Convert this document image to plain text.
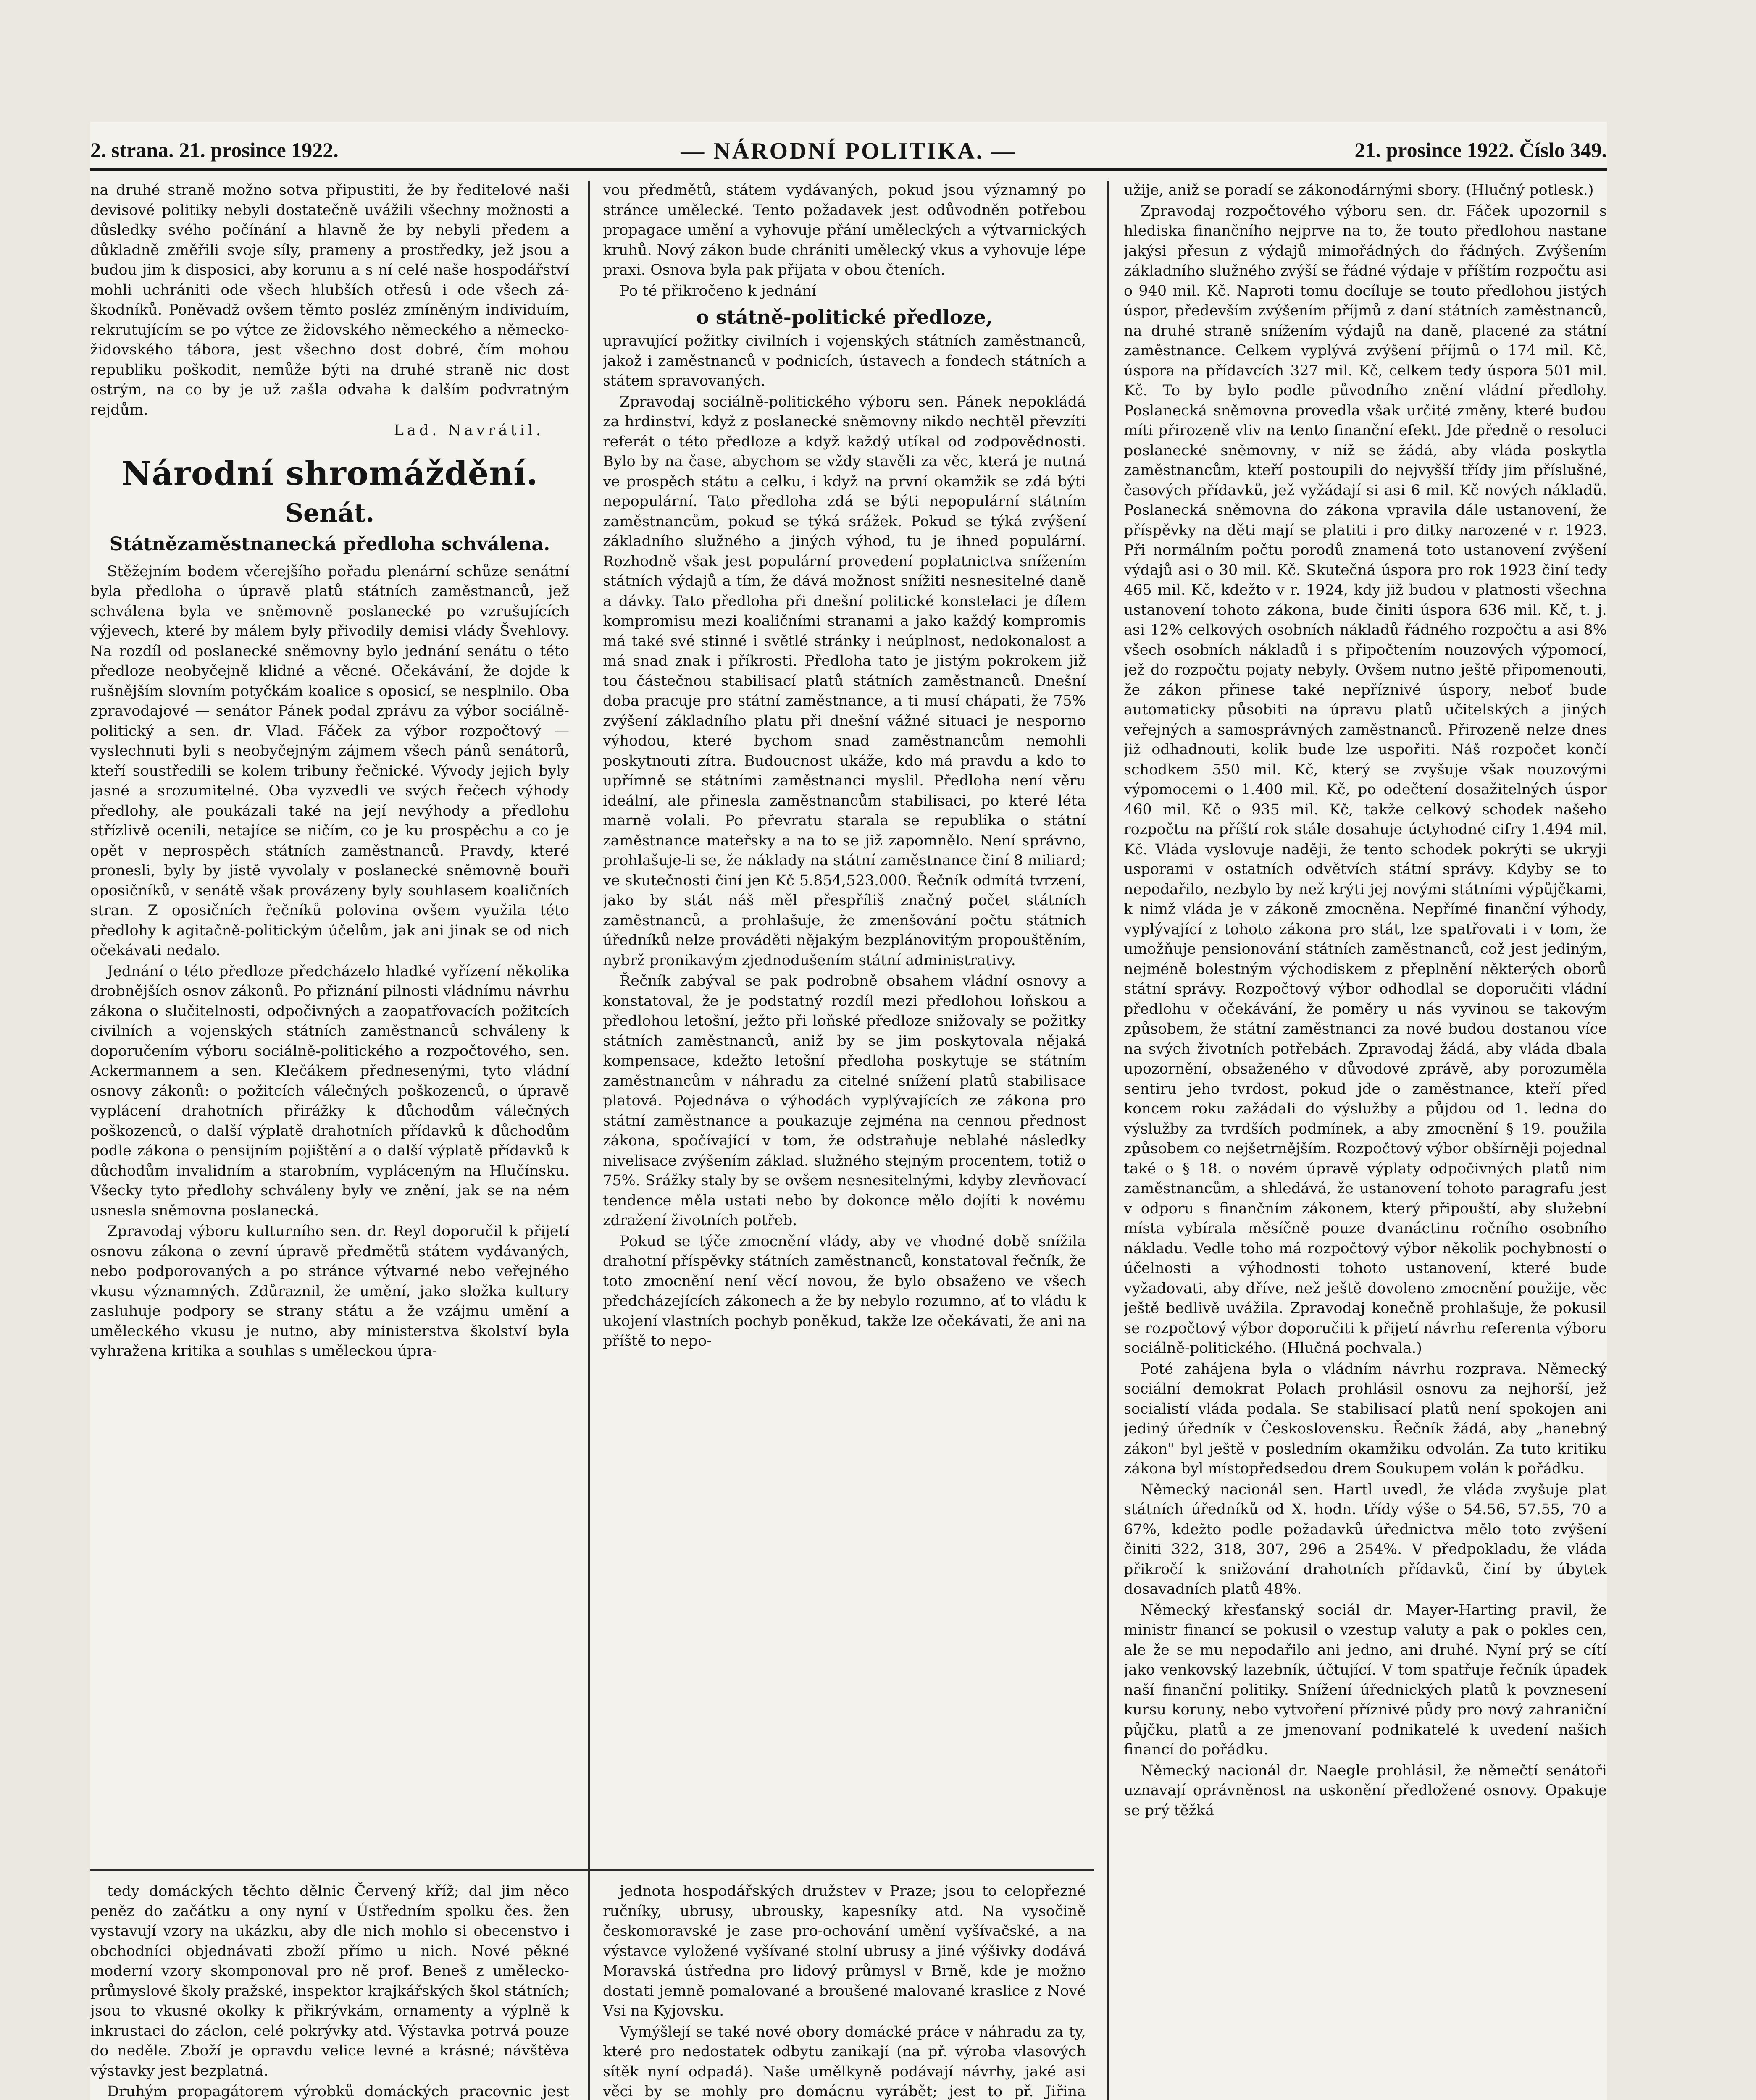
2. strana. 21. prosince 1922.	— NÁRODNÍ POLITIKA. —	21. prosince 1922. Číslo 349.

na druhé straně možno sotva připustiti, že by ředitelové naši devisové politiky nebyli dostatečně uvážili všechny možnosti a důsledky svého počínání a hlavně že by nebyli předem a důkladně změřili svoje síly, prameny a prostředky, jež jsou a budou jim k disposici, aby korunu a s ní celé naše hospodářství mohli uchrániti ode všech hlubších otřesů i ode všech zá-škodníků. Poněvadž ovšem těmto posléz zmíněným individuím, rekrutujícím se po výtce ze židovského německého a německo-židovského tábora, jest všechno dost dobré, čím mohou republiku poškodit, nemůže býti na druhé straně nic dost ostrým, na co by je už zašla odvaha k dalším podvratným rejdům.

Lad. Navrátil.
Národní shromáždění.
Senát.
Státnězaměstnanecká předloha schválena.

Stěžejním bodem včerejšího pořadu plenární schůze senátní byla předloha o úpravě platů státních zaměstnanců, jež schválena byla ve sněmovně poslanecké po vzrušujících výjevech, které by málem byly přivodily demisi vlády Švehlovy. Na rozdíl od poslanecké sněmovny bylo jednání senátu o této předloze neobyčejně klidné a věcné. Očekávání, že dojde k rušnějším slovním potyčkám koalice s oposicí, se nesplnilo. Oba zpravodajové — senátor Pánek podal zprávu za výbor sociálně-politický a sen. dr. Vlad. Fáček za výbor rozpočtový — vyslechnuti byli s neobyčejným zájmem všech pánů senátorů, kteří soustředili se kolem tribuny řečnické. Vývody jejich byly jasné a srozumitelné. Oba vyzvedli ve svých řečech výhody předlohy, ale poukázali také na její nevýhody a předlohu střízlivě ocenili, netajíce se ničím, co je ku prospěchu a co je opět v neprospěch státních zaměstnanců. Pravdy, které pronesli, byly by jistě vyvolaly v poslanecké sněmovně bouři oposičníků, v senátě však provázeny byly souhlasem koaličních stran. Z oposičních řečníků polovina ovšem využila této předlohy k agitačně-politickým účelům, jak ani jinak se od nich očekávati nedalo.

Jednání o této předloze předcházelo hladké vyřízení několika drobnějších osnov zákonů. Po přiznání pilnosti vládnímu návrhu zákona o slučitelnosti, odpočivných a zaopatřovacích požitcích civilních a vojenských státních zaměstnanců schváleny k doporučením výboru sociálně-politického a rozpočtového, sen. Ackermannem a sen. Klečákem přednesenými, tyto vládní osnovy zákonů: o požitcích válečných poškozenců, o úpravě vyplácení drahotních přirážky k důchodům válečných poškozenců, o další výplatě drahotních přídavků k důchodům podle zákona o pensijním pojištění a o další výplatě přídavků k důchodům invalidním a starobním, vypláceným na Hlučínsku. Všecky tyto předlohy schváleny byly ve znění, jak se na ném usnesla sněmovna poslanecká.

Zpravodaj výboru kulturního sen. dr. Reyl doporučil k přijetí osnovu zákona o zevní úpravě předmětů státem vydávaných, nebo podporovaných a po stránce výtvarné nebo veřejného vkusu významných. Zdůraznil, že umění, jako složka kultury zasluhuje podpory se strany státu a že vzájmu umění a uměleckého vkusu je nutno, aby ministerstva školství byla vyhražena kritika a souhlas s uměleckou úpra-

vou předmětů, státem vydávaných, pokud jsou významný po stránce umělecké. Tento požadavek jest odůvodněn potřebou propagace umění a vyhovuje přání uměleckých a výtvarnických kruhů. Nový zákon bude chrániti umělecký vkus a vyhovuje lépe praxi. Osnova byla pak přijata v obou čteních.

Po té přikročeno k jednání

o státně-politické předloze,

upravující požitky civilních i vojenských státních zaměstnanců, jakož i zaměstnanců v podnicích, ústavech a fondech státních a státem spravovaných.

Zpravodaj sociálně-politického výboru sen. Pánek nepokládá za hrdinství, když z poslanecké sněmovny nikdo nechtěl převzíti referát o této předloze a když každý utíkal od zodpovědnosti. Bylo by na čase, abychom se vždy stavěli za věc, která je nutná ve prospěch státu a celku, i když na první okamžik se zdá býti nepopulární. Tato předloha zdá se býti nepopulární státním zaměstnancům, pokud se týká srážek. Pokud se týká zvýšení základního služného a jiných výhod, tu je ihned populární. Rozhodně však jest populární provedení poplatnictva snížením státních výdajů a tím, že dává možnost snížiti nesnesitelné daně a dávky. Tato předloha při dnešní politické konstelaci je dílem kompromisu mezi koaličními stranami a jako každý kompromis má také své stinné i světlé stránky i neúplnost, nedokonalost a má snad znak i příkrosti. Předloha tato je jistým pokrokem již tou částečnou stabilisací platů státních zaměstnanců. Dnešní doba pracuje pro státní zaměstnance, a ti musí chápati, že 75% zvýšení základního platu při dnešní vážné situaci je nesporno výhodou, které bychom snad zaměstnancům nemohli poskytnouti zítra. Budoucnost ukáže, kdo má pravdu a kdo to upřímně se státními zaměstnanci myslil. Předloha není věru ideální, ale přinesla zaměstnancům stabilisaci, po které léta marně volali. Po převratu starala se republika o státní zaměstnance mateřsky a na to se již zapomnělo. Není správno, prohlašuje-li se, že náklady na státní zaměstnance činí 8 miliard; ve skutečnosti činí jen Kč 5.854,523.000. Řečník odmítá tvrzení, jako by stát náš měl přespříliš značný počet státních zaměstnanců, a prohlašuje, že zmenšování počtu státních úředníků nelze prováděti nějakým bezplánovitým propouštěním, nybrž pronikavým zjednodušením státní administrativy.

Řečník zabýval se pak podrobně obsahem vládní osnovy a konstatoval, že je podstatný rozdíl mezi předlohou loňskou a předlohou letošní, ježto při loňské předloze snižovaly se požitky státních zaměstnanců, aniž by se jim poskytovala nějaká kompensace, kdežto letošní předloha poskytuje se státním zaměstnancům v náhradu za citelné snížení platů stabilisace platová. Pojednáva o výhodách vyplývajících ze zákona pro státní zaměstnance a poukazuje zejména na cennou přednost zákona, spočívající v tom, že odstraňuje neblahé následky nivelisace zvýšením základ. služného stejným procentem, totiž o 75%. Srážky staly by se ovšem nesnesitelnými, kdyby zlevňovací tendence měla ustati nebo by dokonce mělo dojíti k novému zdražení životních potřeb.

Pokud se týče zmocnění vlády, aby ve vhodné době snížila drahotní příspěvky státních zaměstnanců, konstatoval řečník, že toto zmocnění není věcí novou, že bylo obsaženo ve všech předcházejících zákonech a že by nebylo rozumno, ať to vládu k ukojení vlastních pochyb poněkud, takže lze očekávati, že ani na příště to nepo-

užije, aniž se poradí se zákonodárnými sbory. (Hlučný potlesk.)

Zpravodaj rozpočtového výboru sen. dr. Fáček upozornil s hlediska finančního nejprve na to, že touto předlohou nastane jakýsi přesun z výdajů mimořádných do řádných. Zvýšením základního služného zvýší se řádné výdaje v příštím rozpočtu asi o 940 mil. Kč. Naproti tomu docíluje se touto předlohou jistých úspor, především zvýšením příjmů z daní státních zaměstnanců, na druhé straně snížením výdajů na daně, placené za státní zaměstnance. Celkem vyplývá zvýšení příjmů o 174 mil. Kč, úspora na přídavcích 327 mil. Kč, celkem tedy úspora 501 mil. Kč. To by bylo podle původního znění vládní předlohy. Poslanecká sněmovna provedla však určité změny, které budou míti přirozeně vliv na tento finanční efekt. Jde předně o resoluci poslanecké sněmovny, v níž se žádá, aby vláda poskytla zaměstnancům, kteří postoupili do nejvyšší třídy jim příslušné, časových přídavků, jež vyžádají si asi 6 mil. Kč nových nákladů. Poslanecká sněmovna do zákona vpravila dále ustanovení, že příspěvky na děti mají se platiti i pro ditky narozené v r. 1923. Při normálním počtu porodů znamená toto ustanovení zvýšení výdajů asi o 30 mil. Kč. Skutečná úspora pro rok 1923 činí tedy 465 mil. Kč, kdežto v r. 1924, kdy již budou v platnosti všechna ustanovení tohoto zákona, bude činiti úspora 636 mil. Kč, t. j. asi 12% celkových osobních nákladů řádného rozpočtu a asi 8% všech osobních nákladů i s připočtením nouzových výpomocí, jež do rozpočtu pojaty nebyly. Ovšem nutno ještě připomenouti, že zákon přinese také nepříznivé úspory, neboť bude automaticky působiti na úpravu platů učitelských a jiných veřejných a samosprávných zaměstnanců. Přirozeně nelze dnes již odhadnouti, kolik bude lze uspořiti. Náš rozpočet končí schodkem 550 mil. Kč, který se zvyšuje však nouzovými výpomocemi o 1.400 mil. Kč, po odečtení dosažitelných úspor 460 mil. Kč o 935 mil. Kč, takže celkový schodek našeho rozpočtu na příští rok stále dosahuje úctyhodné cifry 1.494 mil. Kč. Vláda vyslovuje naději, že tento schodek pokrýti se ukryji usporami v ostatních odvětvích státní správy. Kdyby se to nepodařilo, nezbylo by než krýti jej novými státními výpůjčkami, k nimž vláda je v zákoně zmocněna. Nepřímé finanční výhody, vyplývající z tohoto zákona pro stát, lze spatřovati i v tom, že umožňuje pensionování státních zaměstnanců, což jest jediným, nejméně bolestným východiskem z přeplnění některých oborů státní správy. Rozpočtový výbor odhodlal se doporučiti vládní předlohu v očekávání, že poměry u nás vyvinou se takovým způsobem, že státní zaměstnanci za nové budou dostanou více na svých životních potřebách. Zpravodaj žádá, aby vláda dbala upozornění, obsaženého v důvodové zprávě, aby porozuměla sentiru jeho tvrdost, pokud jde o zaměstnance, kteří před koncem roku zažádali do výslužby a půjdou od 1. ledna do výslužby za tvrdších podmínek, a aby zmocnění § 19. použila způsobem co nejšetrnějším. Rozpočtový výbor obšírněji pojednal také o § 18. o novém úpravě výplaty odpočivných platů nim zaměstnancům, a shledává, že ustanovení tohoto paragrafu jest v odporu s finančním zákonem, který připouští, aby služební místa vybírala měsíčně pouze dvanáctinu ročního osobního nákladu. Vedle toho má rozpočtový výbor několik pochybností o účelnosti a výhodnosti tohoto ustanovení, které bude vyžadovati, aby dříve, než ještě dovoleno zmocnění použije, věc ještě bedlivě uvážila. Zpravodaj konečně prohlašuje, že pokusil se rozpočtový výbor doporučiti k přijetí návrhu referenta výboru sociálně-politického. (Hlučná pochvala.)

Poté zahájena byla o vládním návrhu rozprava. Německý sociální demokrat Polach prohlásil osnovu za nejhorší, jež socialistí vláda podala. Se stabilisací platů není spokojen ani jediný úředník v Československu. Řečník žádá, aby „hanebný zákon" byl ještě v posledním okamžiku odvolán. Za tuto kritiku zákona byl místopředsedou drem Soukupem volán k pořádku.

Německý nacionál sen. Hartl uvedl, že vláda zvyšuje plat státních úředníků od X. hodn. třídy výše o 54.56, 57.55, 70 a 67%, kdežto podle požadavků úřednictva mělo toto zvýšení činiti 322, 318, 307, 296 a 254%. V předpokladu, že vláda přikročí k snižování drahotních přídavků, činí by úbytek dosavadních platů 48%.

Německý křesťanský sociál dr. Mayer-Harting pravil, že ministr financí se pokusil o vzestup valuty a pak o pokles cen, ale že se mu nepodařilo ani jedno, ani druhé. Nyní prý se cítí jako venkovský lazebník, účtující. V tom spatřuje řečník úpadek naší finanční politiky. Snížení úřednických platů k povznesení kursu koruny, nebo vytvoření příznivé půdy pro nový zahraniční půjčku, platů a ze jmenovaní podnikatelé k uvedení našich financí do pořádku.

Německý nacionál dr. Naegle prohlásil, že němečtí senátoři uznavají oprávněnost na uskonění předložené osnovy. Opakuje se prý těžká

tedy domáckých těchto dělnic Červený kříž; dal jim něco peněz do začátku a ony nyní v Ústředním spolku čes. žen vystavují vzory na ukázku, aby dle nich mohlo si obecenstvo i obchodníci objednávati zboží přímo u nich. Nové pěkné moderní vzory skomponoval pro ně prof. Beneš z umělecko-průmyslové školy pražské, inspektor krajkářských škol státních; jsou to vkusné okolky k přikrývkám, ornamenty a výplně k inkrustaci do záclon, celé pokrývky atd. Výstavka potrvá pouze do neděle. Zboží je opravdu velice levné a krásné; návštěva výstavky jest bezplatná.

Druhým propagátorem výrobků domáckých pracovnic jest

jednota hospodářských družstev v Praze; jsou to celopřezné ručníky, ubrusy, ubrousky, kapesníky atd. Na vysočině českomoravské je zase pro-ochování umění vyšívačské, a na výstavce vyložené vyšívané stolní ubrusy a jiné výšivky dodává Moravská ústředna pro lidový průmysl v Brně, kde je možno dostati jemně pomalované a broušené malované kraslice z Nové Vsi na Kyjovsku.

Vymýšlejí se také nové obory domácké práce v náhradu za ty, které pro nedostatek odbytu zanikají (na př. výroba vlasových sítěk nyní odpadá). Naše umělkyně podávají návrhy, jaké asi věci by se mohly pro domácnu vyrábět; jest to př. Jiřina
